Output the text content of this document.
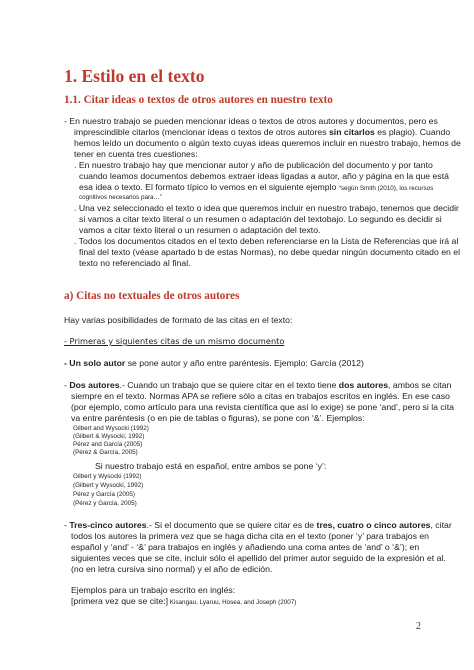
1. Estilo en el texto
1.1. Citar ideas o textos de otros autores en nuestro texto
- En nuestro trabajo se pueden mencionar ideas o textos de otros autores y documentos, pero es
imprescindible citarlos (mencionar ideas o textos de otros autores sin citarlos es plagio). Cuando
hemos leído un documento o algún texto cuyas ideas queremos incluir en nuestro trabajo, hemos de
tener en cuenta tres cuestiones:
. En nuestro trabajo hay que mencionar autor y año de publicación del documento y por tanto
cuando leamos documentos debemos extraer ideas ligadas a autor, año y página en la que está
esa idea o texto. El formato típico lo vemos en el siguiente ejemplo “según Smith (2010), los recursos
cognitivos necesarios para…”
. Una vez seleccionado el texto o idea que queremos incluir en nuestro trabajo, tenemos que decidir
si vamos a citar texto literal o un resumen o adaptación del textobajo. Lo segundo es decidir si
vamos a citar texto literal o un resumen o adaptación del texto.
. Todos los documentos citados en el texto deben referenciarse en la Lista de Referencias que irá al
final del texto (véase apartado b de estas Normas), no debe quedar ningún documento citado en el
texto no referenciado al final.
a) Citas no textuales de otros autores
Hay varias posibilidades de formato de las citas en el texto:
- Primeras y siguientes citas de un mismo documento
- Un solo autor se pone autor y año entre paréntesis. Ejemplo: García (2012)
- Dos autores.- Cuando un trabajo que se quiere citar en el texto tiene dos autores, ambos se citan
siempre en el texto. Normas APA se refiere sólo a citas en trabajos escritos en inglés. En ese caso
(por ejemplo, como artículo para una revista científica que así lo exige) se pone ‘and’, pero si la cita
va entre paréntesis (o en pie de tablas o figuras), se pone con ‘&’. Ejemplos:
Gilbert and Wysocki (1992)
(Gilbert & Wysocki, 1992)
Pérez and García (2005)
(Pérez & García, 2005)
Si nuestro trabajo está en español, entre ambos se pone ‘y’:
Gilbert y Wysocki (1992)
(Gilbert y Wysocki, 1992)
Pérez y García (2005)
(Pérez y García, 2005)
- Tres-cinco autores.- Si el documento que se quiere citar es de tres, cuatro o cinco autores, citar
todos los autores la primera vez que se haga dicha cita en el texto (poner ‘y’ para trabajos en
español y ‘and’ - ‘&’ para trabajos en inglés y añadiendo una coma antes de ‘and’ o ‘&’); en
siguientes veces que se cite, incluir sólo el apellido del primer autor seguido de la expresión et al.
(no en letra cursiva sino normal) y el año de edición.
Ejemplos para un trabajo escrito en inglés:
[primera vez que se cite:] Kisangau, Lyaruu, Hosea, and Joseph (2007)
2
